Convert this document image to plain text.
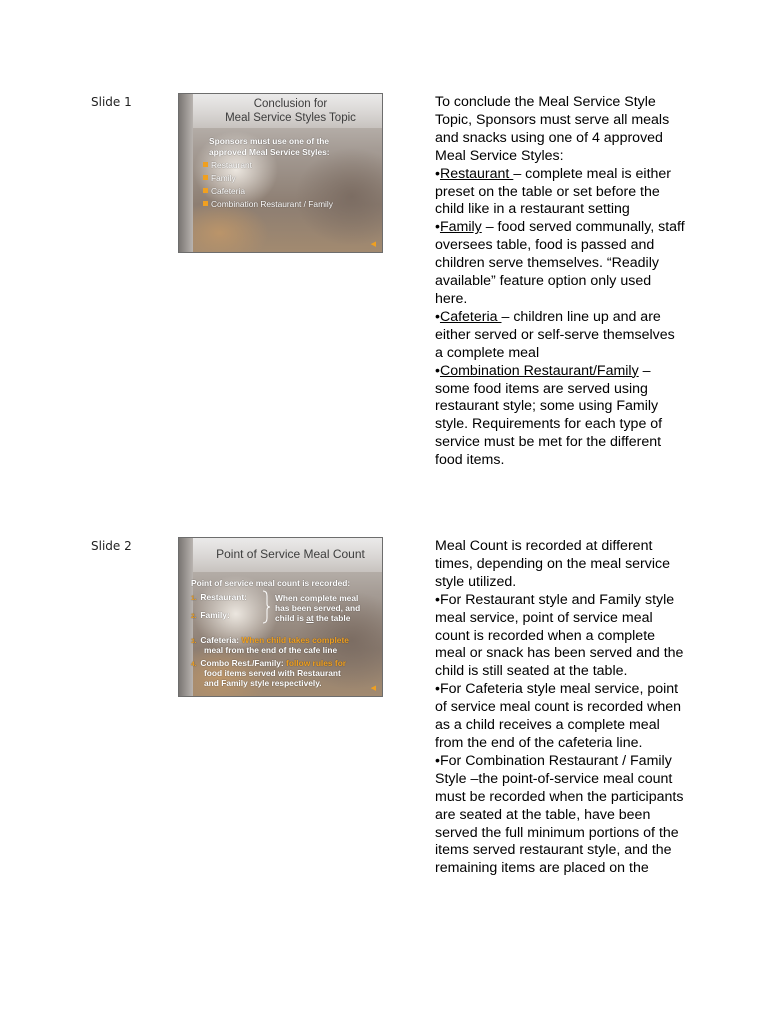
Slide 1	Conclusion for
Meal Service Styles Topic
Sponsors must use one of the
approved Meal Service Styles:
Restaurant
Family
Cafeteria
Combination Restaurant / Family
◀

To conclude the Meal Service Style Topic, Sponsors must serve all meals and snacks using one of 4 approved Meal Service Styles:

•Restaurant – complete meal is either preset on the table or set before the child like in a restaurant setting

•Family – food served communally, staff oversees table, food is passed and children serve themselves. “Readily available” feature option only used here.

•Cafeteria – children line up and are either served or self-serve themselves a complete meal

•Combination Restaurant/Family – some food items are served using restaurant style; some using Family style. Requirements for each type of service must be met for the different food items.

Slide 2
Point of Service Meal Count
Point of service meal count is recorded:
1. Restaurant:
2. Family:
When complete meal
has been served, and
child is at the table
3. Cafeteria: When child takes complete
meal from the end of the cafe line
4. Combo Rest./Family: follow rules for
food items served with Restaurant
and Family style respectively.
◀

Meal Count is recorded at different times, depending on the meal service style utilized.

•For Restaurant style and Family style meal service, point of service meal count is recorded when a complete meal or snack has been served and the child is still seated at the table.

•For Cafeteria style meal service, point of service meal count is recorded when as a child receives a complete meal from the end of the cafeteria line.

•For Combination Restaurant / Family Style –the point-of-service meal count must be recorded when the participants are seated at the table, have been served the full minimum portions of the items served restaurant style, and the remaining items are placed on the
